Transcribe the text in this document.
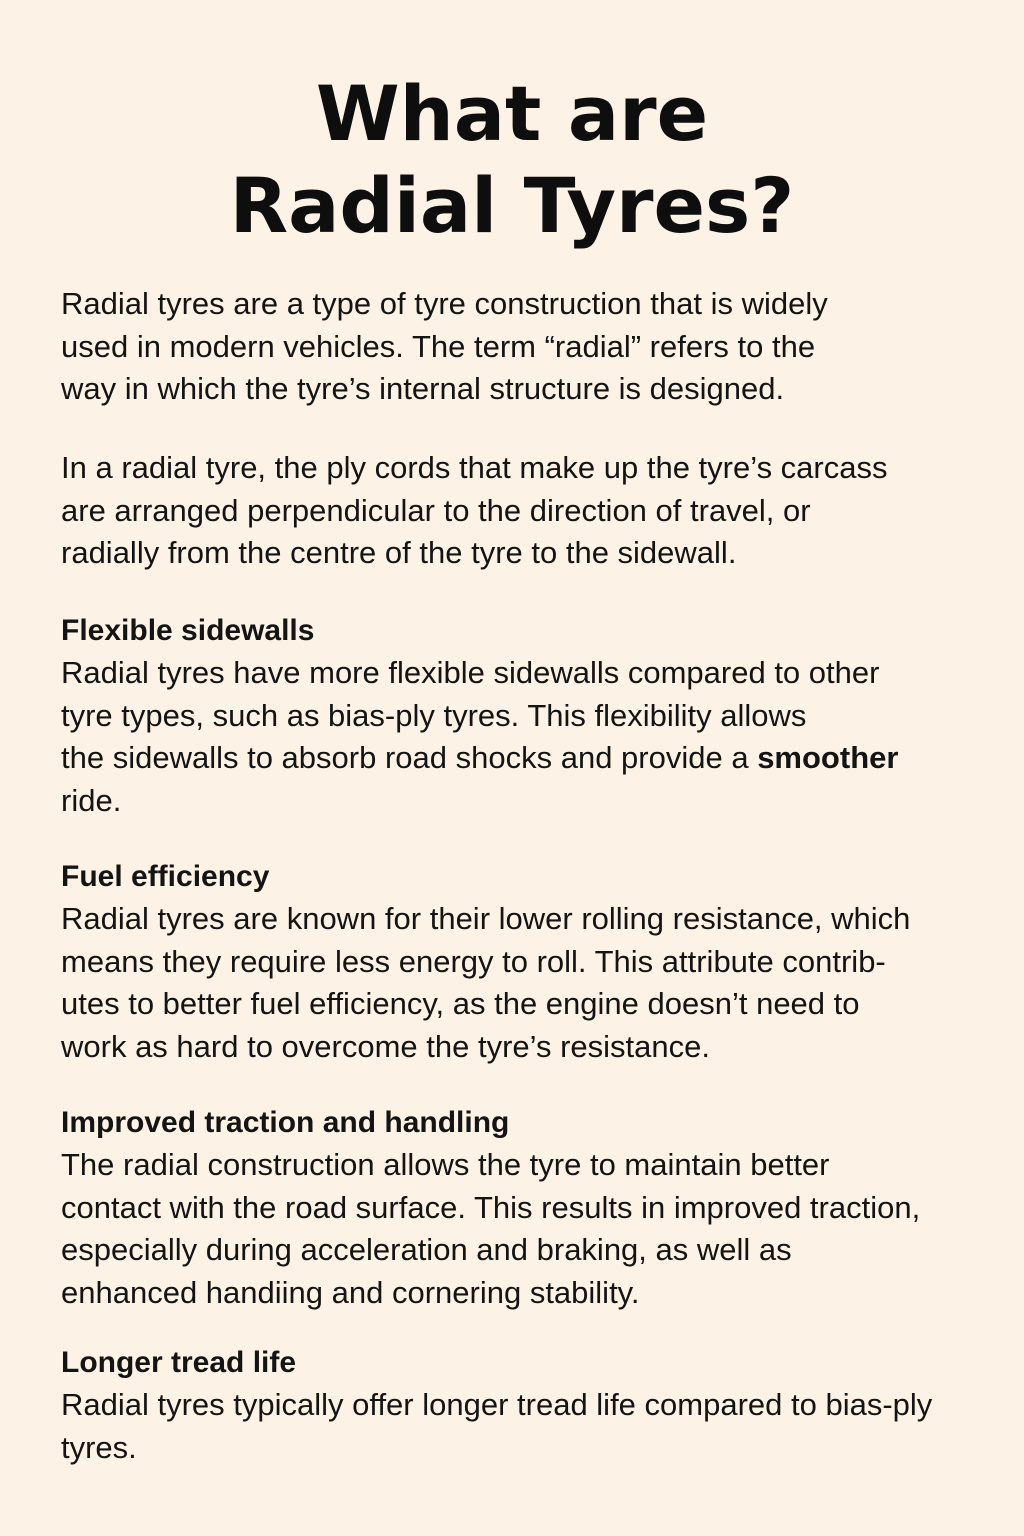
What are
Radial Tyres?

Radial tyres are a type of tyre construction that is widely
used in modern vehicles. The term “radial” refers to the
way in which the tyre’s internal structure is designed.

In a radial tyre, the ply cords that make up the tyre’s carcass
are arranged perpendicular to the direction of travel, or
radially from the centre of the tyre to the sidewall.

Flexible sidewalls
Radial tyres have more flexible sidewalls compared to other
tyre types, such as bias-ply tyres. This flexibility allows
the sidewalls to absorb road shocks and provide a smoother
ride.
Fuel efficiency
Radial tyres are known for their lower rolling resistance, which
means they require less energy to roll. This attribute contrib-
utes to better fuel efficiency, as the engine doesn’t need to
work as hard to overcome the tyre’s resistance.
Improved traction and handling
The radial construction allows the tyre to maintain better
contact with the road surface. This results in improved traction,
especially during acceleration and braking, as well as
enhanced handiing and cornering stability.
Longer tread life
Radial tyres typically offer longer tread life compared to bias-ply
tyres.
